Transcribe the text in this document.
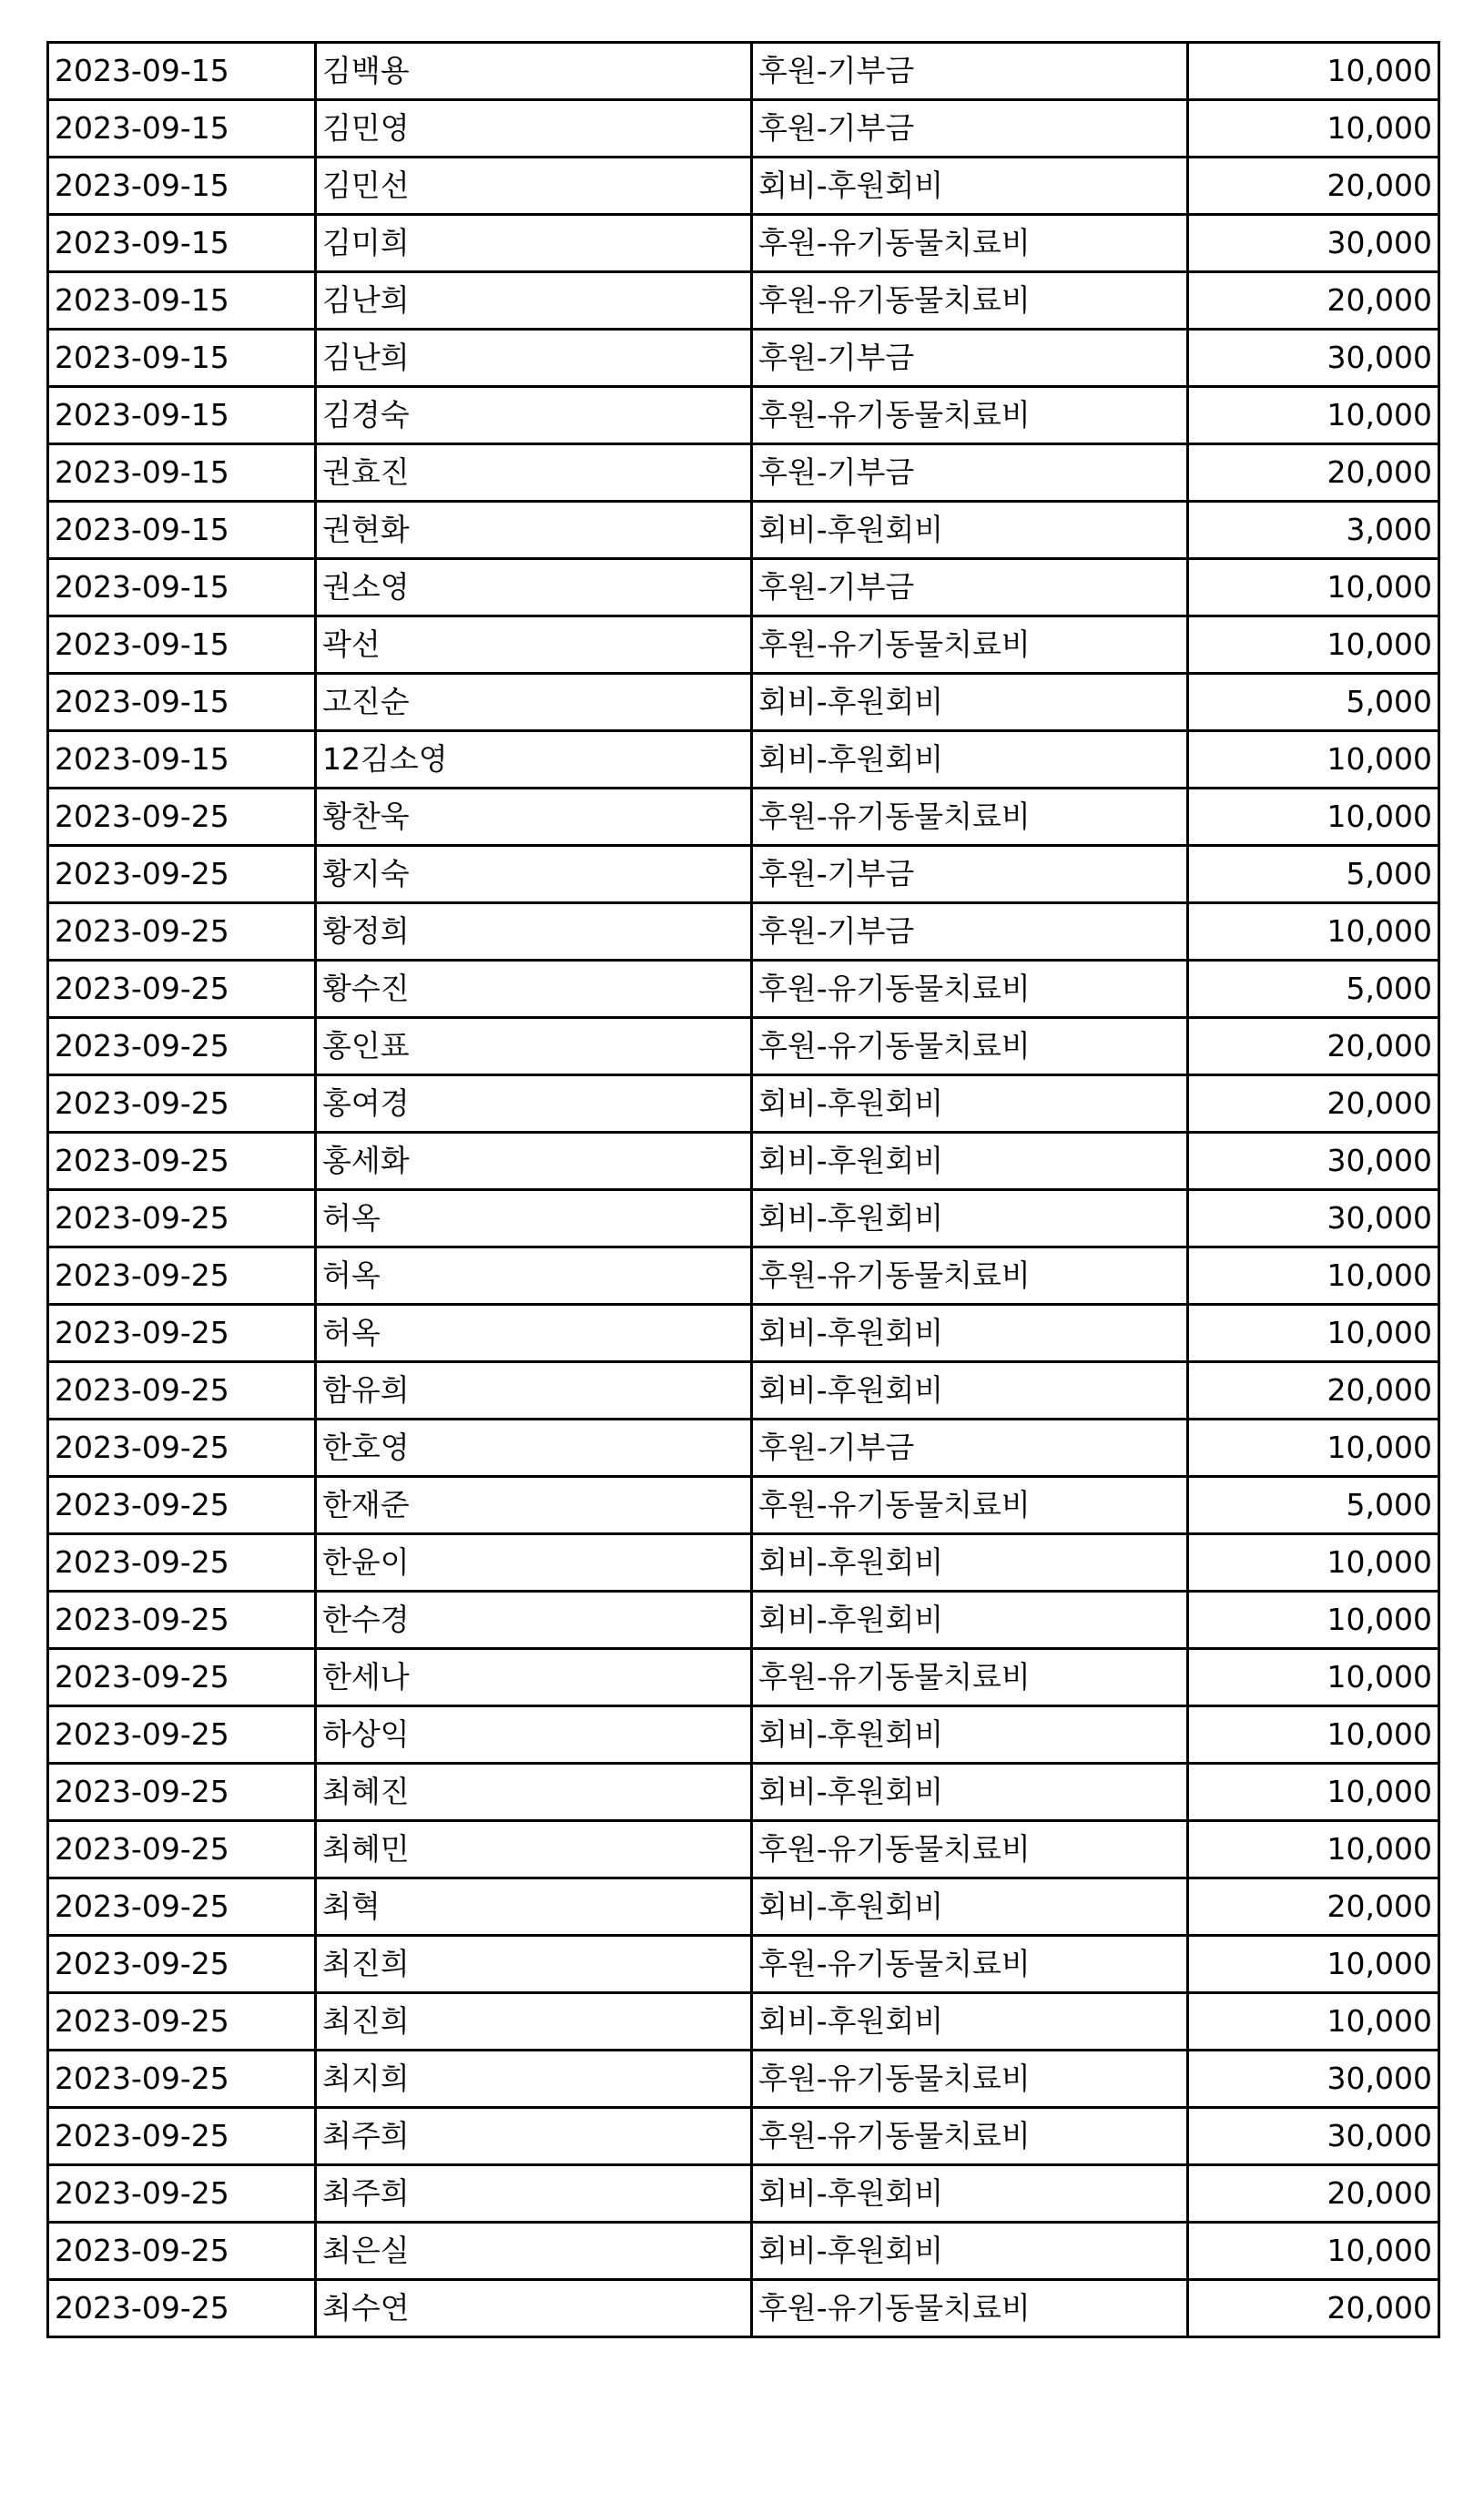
2023-09-15	김백용	후원-기부금	10,000
2023-09-15	김민영	후원-기부금	10,000
2023-09-15	김민선	회비-후원회비	20,000
2023-09-15	김미희	후원-유기동물치료비	30,000
2023-09-15	김난희	후원-유기동물치료비	20,000
2023-09-15	김난희	후원-기부금	30,000
2023-09-15	김경숙	후원-유기동물치료비	10,000
2023-09-15	권효진	후원-기부금	20,000
2023-09-15	권현화	회비-후원회비	3,000
2023-09-15	권소영	후원-기부금	10,000
2023-09-15	곽선	후원-유기동물치료비	10,000
2023-09-15	고진순	회비-후원회비	5,000
2023-09-15	12김소영	회비-후원회비	10,000
2023-09-25	황찬욱	후원-유기동물치료비	10,000
2023-09-25	황지숙	후원-기부금	5,000
2023-09-25	황정희	후원-기부금	10,000
2023-09-25	황수진	후원-유기동물치료비	5,000
2023-09-25	홍인표	후원-유기동물치료비	20,000
2023-09-25	홍여경	회비-후원회비	20,000
2023-09-25	홍세화	회비-후원회비	30,000
2023-09-25	허옥	회비-후원회비	30,000
2023-09-25	허옥	후원-유기동물치료비	10,000
2023-09-25	허옥	회비-후원회비	10,000
2023-09-25	함유희	회비-후원회비	20,000
2023-09-25	한호영	후원-기부금	10,000
2023-09-25	한재준	후원-유기동물치료비	5,000
2023-09-25	한윤이	회비-후원회비	10,000
2023-09-25	한수경	회비-후원회비	10,000
2023-09-25	한세나	후원-유기동물치료비	10,000
2023-09-25	하상익	회비-후원회비	10,000
2023-09-25	최혜진	회비-후원회비	10,000
2023-09-25	최혜민	후원-유기동물치료비	10,000
2023-09-25	최혁	회비-후원회비	20,000
2023-09-25	최진희	후원-유기동물치료비	10,000
2023-09-25	최진희	회비-후원회비	10,000
2023-09-25	최지희	후원-유기동물치료비	30,000
2023-09-25	최주희	후원-유기동물치료비	30,000
2023-09-25	최주희	회비-후원회비	20,000
2023-09-25	최은실	회비-후원회비	10,000
2023-09-25	최수연	후원-유기동물치료비	20,000
